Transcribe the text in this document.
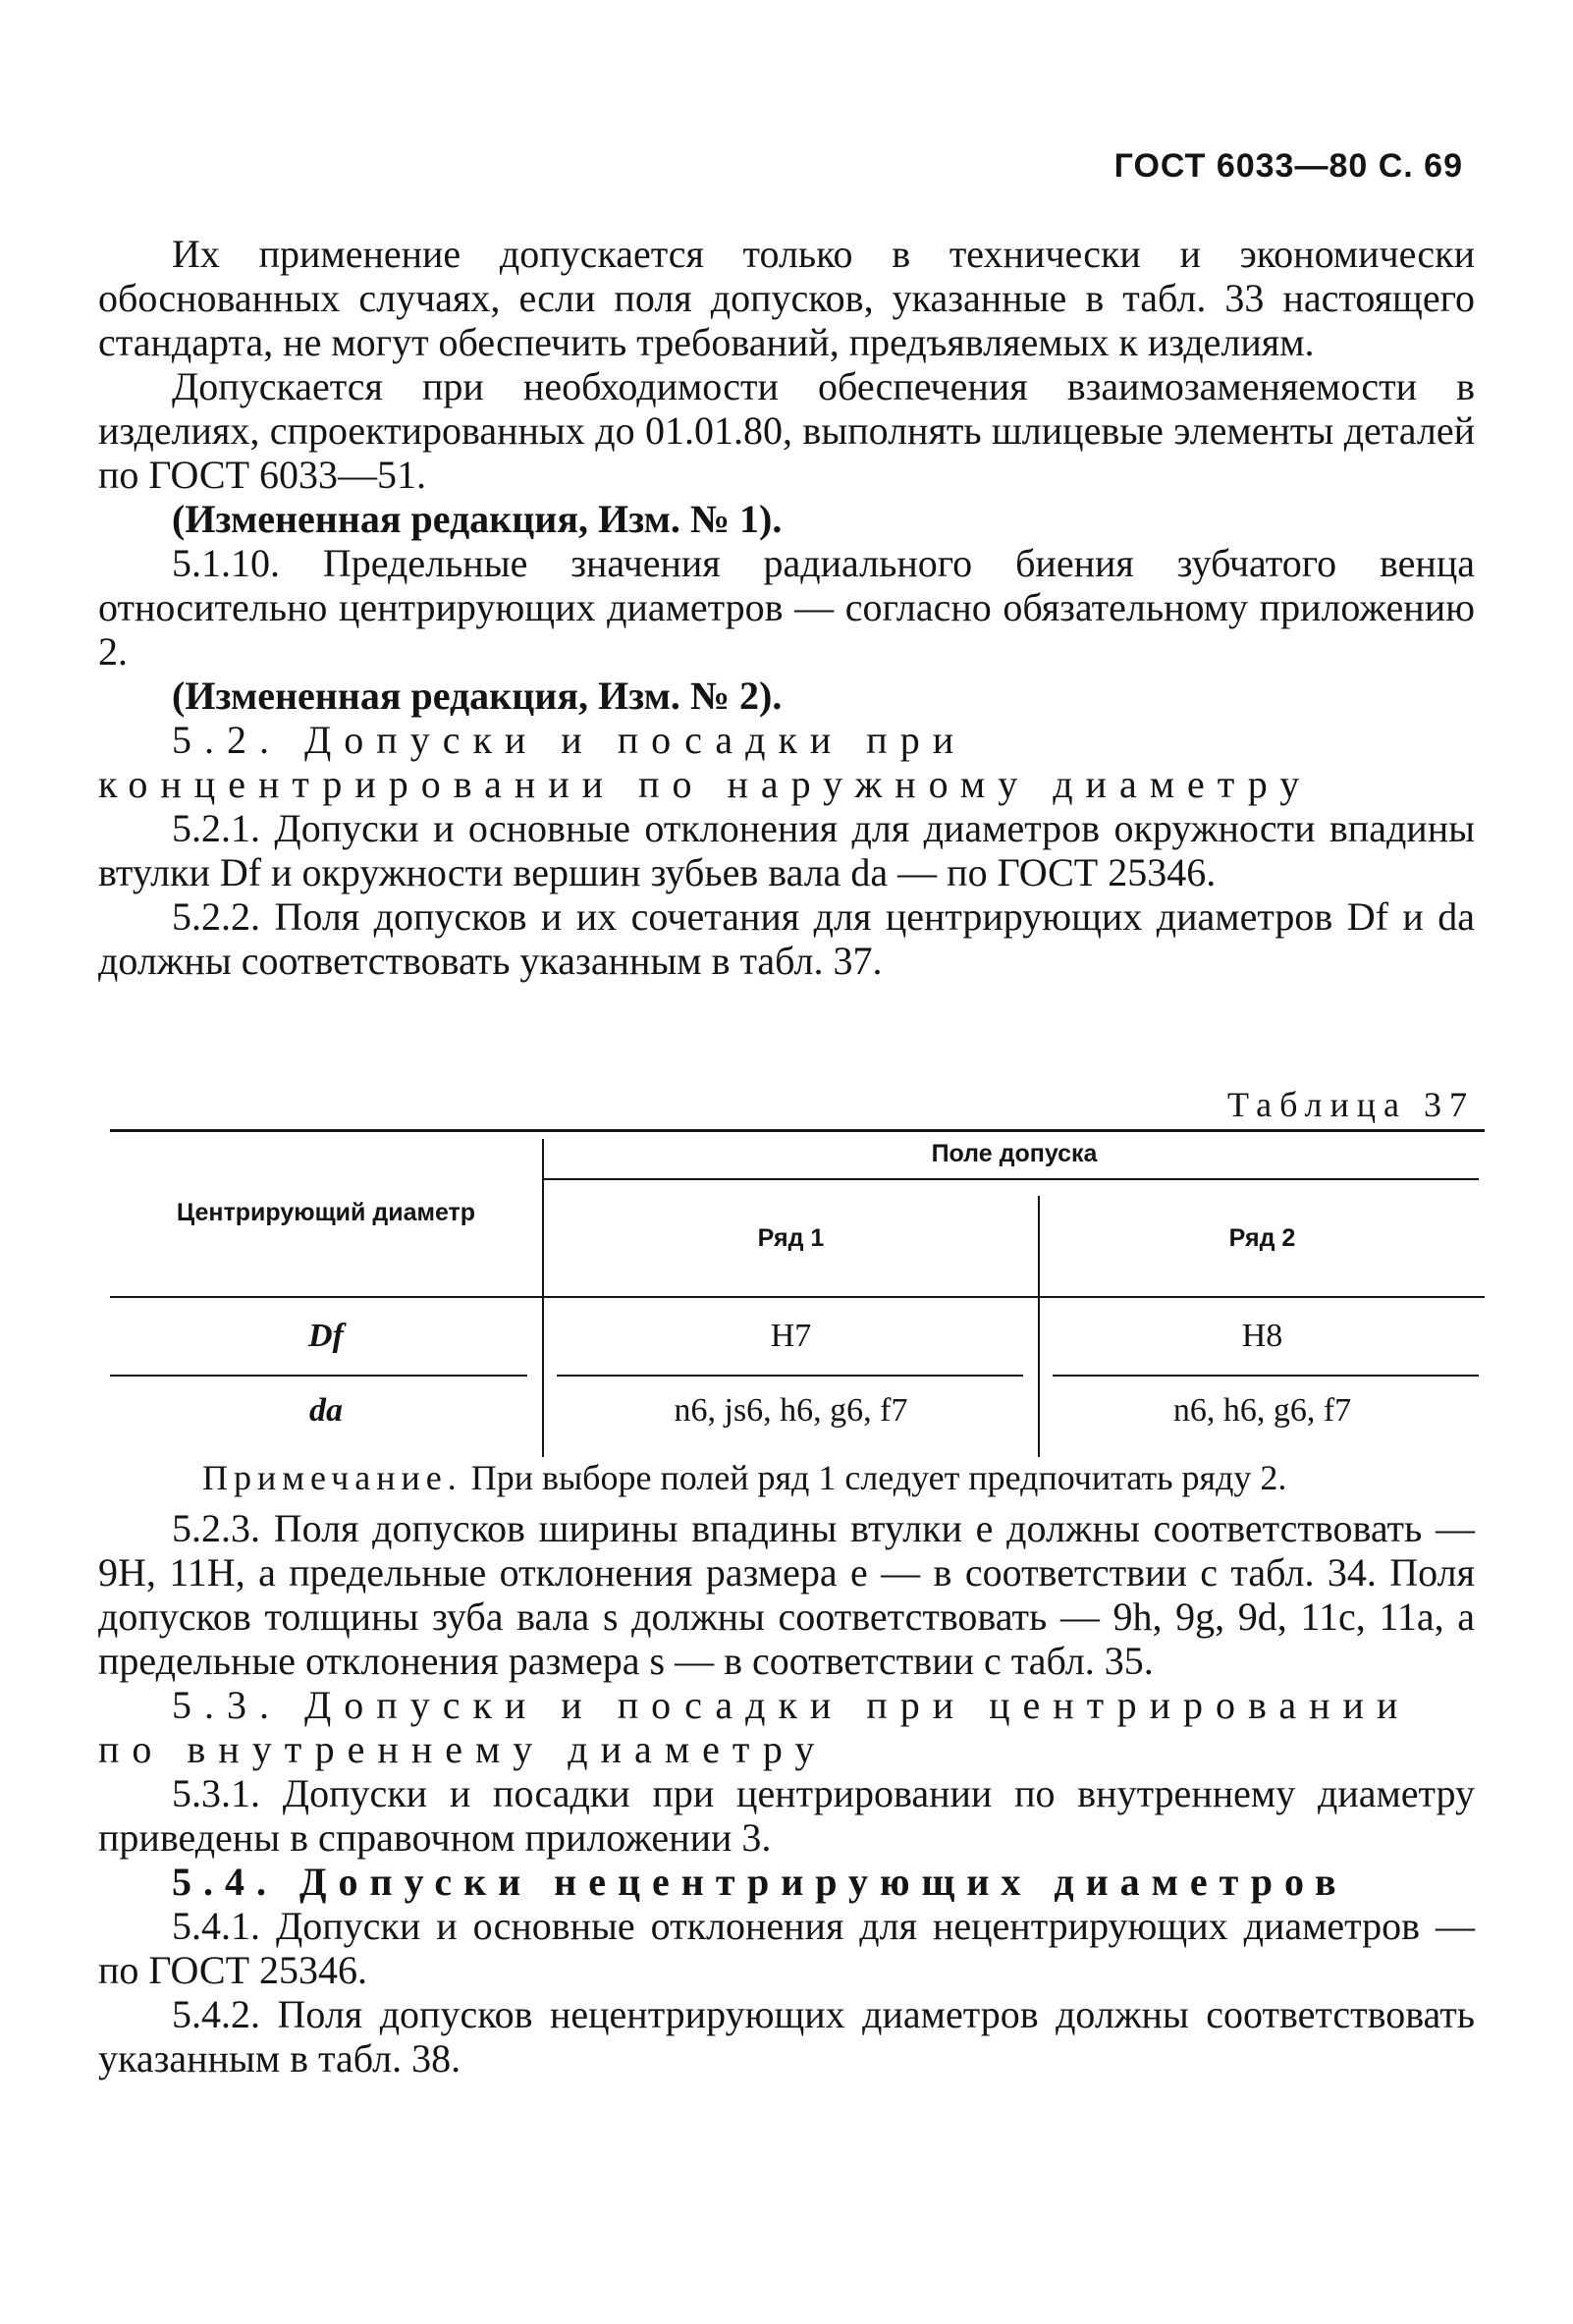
ГОСТ 6033—80 С. 69

Их применение допускается только в технически и экономически обоснованных случаях, если поля допусков, указанные в табл. 33 настоящего стандарта, не могут обеспечить требований, предъявляемых к изделиям.

Допускается при необходимости обеспечения взаимозаменяемости в изделиях, спроектированных до 01.01.80, выполнять шлицевые элементы деталей по ГОСТ 6033—51.

(Измененная редакция, Изм. № 1).

5.1.10. Предельные значения радиального биения зубчатого венца относительно центрирующих диаметров — согласно обязательному приложению 2.

(Измененная редакция, Изм. № 2).

5.2. Допуски и посадки при концентрировании по наружному диаметру

5.2.1. Допуски и основные отклонения для диаметров окружности впадины втулки Df и окружности вершин зубьев вала da — по ГОСТ 25346.

5.2.2. Поля допусков и их сочетания для центрирующих диаметров Df и da должны соответствовать указанным в табл. 37.

Таблица 37
Центрирующий диаметр
Поле допуска
Ряд 1	Ряд 2
Df	H7	H8
da	n6, js6, h6, g6, f7	n6, h6, g6, f7
Примечание. При выборе полей ряд 1 следует предпочитать ряду 2.

5.2.3. Поля допусков ширины впадины втулки e должны соответствовать — 9H, 11H, а предельные отклонения размера e — в соответствии с табл. 34. Поля допусков толщины зуба вала s должны соответствовать — 9h, 9g, 9d, 11c, 11a, а предельные отклонения размера s — в соответствии с табл. 35.

5.3. Допуски и посадки при центрировании по внутреннему диаметру

5.3.1. Допуски и посадки при центрировании по внутреннему диаметру приведены в справочном приложении 3.

5.4. Допуски нецентрирующих диаметров

5.4.1. Допуски и основные отклонения для нецентрирующих диаметров — по ГОСТ 25346.

5.4.2. Поля допусков нецентрирующих диаметров должны соответствовать указанным в табл. 38.
